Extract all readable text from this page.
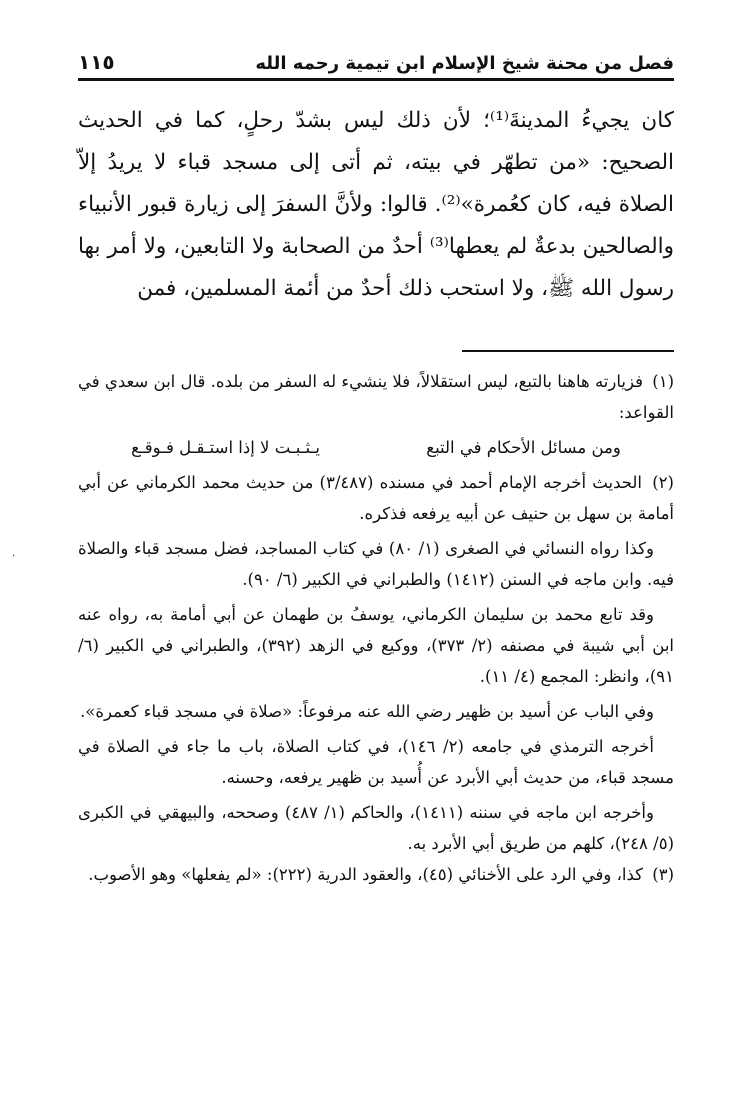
فصل من محنة شيخ الإسلام ابن تيمية رحمه الله
١١٥

كان يجيءُ المدينةَ⁽¹⁾؛ لأن ذلك ليس بشدّ رحلٍ، كما في الحديث الصحيح: «من تطهّر في بيته، ثم أتى إلى مسجد قباء لا يريدُ إلاّ الصلاة فيه، كان كعُمرة»⁽²⁾. قالوا: ولأنَّ السفرَ إلى زيارة قبور الأنبياء والصالحين بدعةٌ لم يعطها⁽³⁾ أحدٌ من الصحابة ولا التابعين، ولا أمر بها رسول الله ﷺ، ولا استحب ذلك أحدٌ من أئمة المسلمين، فمن

(١) فزيارته هاهنا بالتبع، ليس استقلالاً، فلا ينشيء له السفر من بلده. قال ابن سعدي في القواعد:

ومن مسائل الأحكام في التبع
يـثـبـت لا إذا استـقـل فـوقـع

(٢) الحديث أخرجه الإمام أحمد في مسنده (٣/٤٨٧) من حديث محمد الكرماني عن أبي أمامة بن سهل بن حنيف عن أبيه يرفعه فذكره.

وكذا رواه النسائي في الصغرى (١/ ٨٠) في كتاب المساجد، فضل مسجد قباء والصلاة فيه. وابن ماجه في السنن (١٤١٢) والطبراني في الكبير (٦/ ٩٠).

وقد تابع محمد بن سليمان الكرماني، يوسفُ بن طهمان عن أبي أمامة به، رواه عنه ابن أبي شيبة في مصنفه (٢/ ٣٧٣)، ووكيع في الزهد (٣٩٢)، والطبراني في الكبير (٦/ ٩١)، وانظر: المجمع (٤/ ١١).

وفي الباب عن أسيد بن ظهير رضي الله عنه مرفوعاً: «صلاة في مسجد قباء كعمرة».

أخرجه الترمذي في جامعه (٢/ ١٤٦)، في كتاب الصلاة، باب ما جاء في الصلاة في مسجد قباء، من حديث أبي الأبرد عن أُسيد بن ظهير يرفعه، وحسنه.

وأخرجه ابن ماجه في سننه (١٤١١)، والحاكم (١/ ٤٨٧) وصححه، والبيهقي في الكبرى (٥/ ٢٤٨)، كلهم من طريق أبي الأبرد به.

(٣) كذا، وفي الرد على الأخنائي (٤٥)، والعقود الدرية (٢٢٢): «لم يفعلها» وهو الأصوب.

.
